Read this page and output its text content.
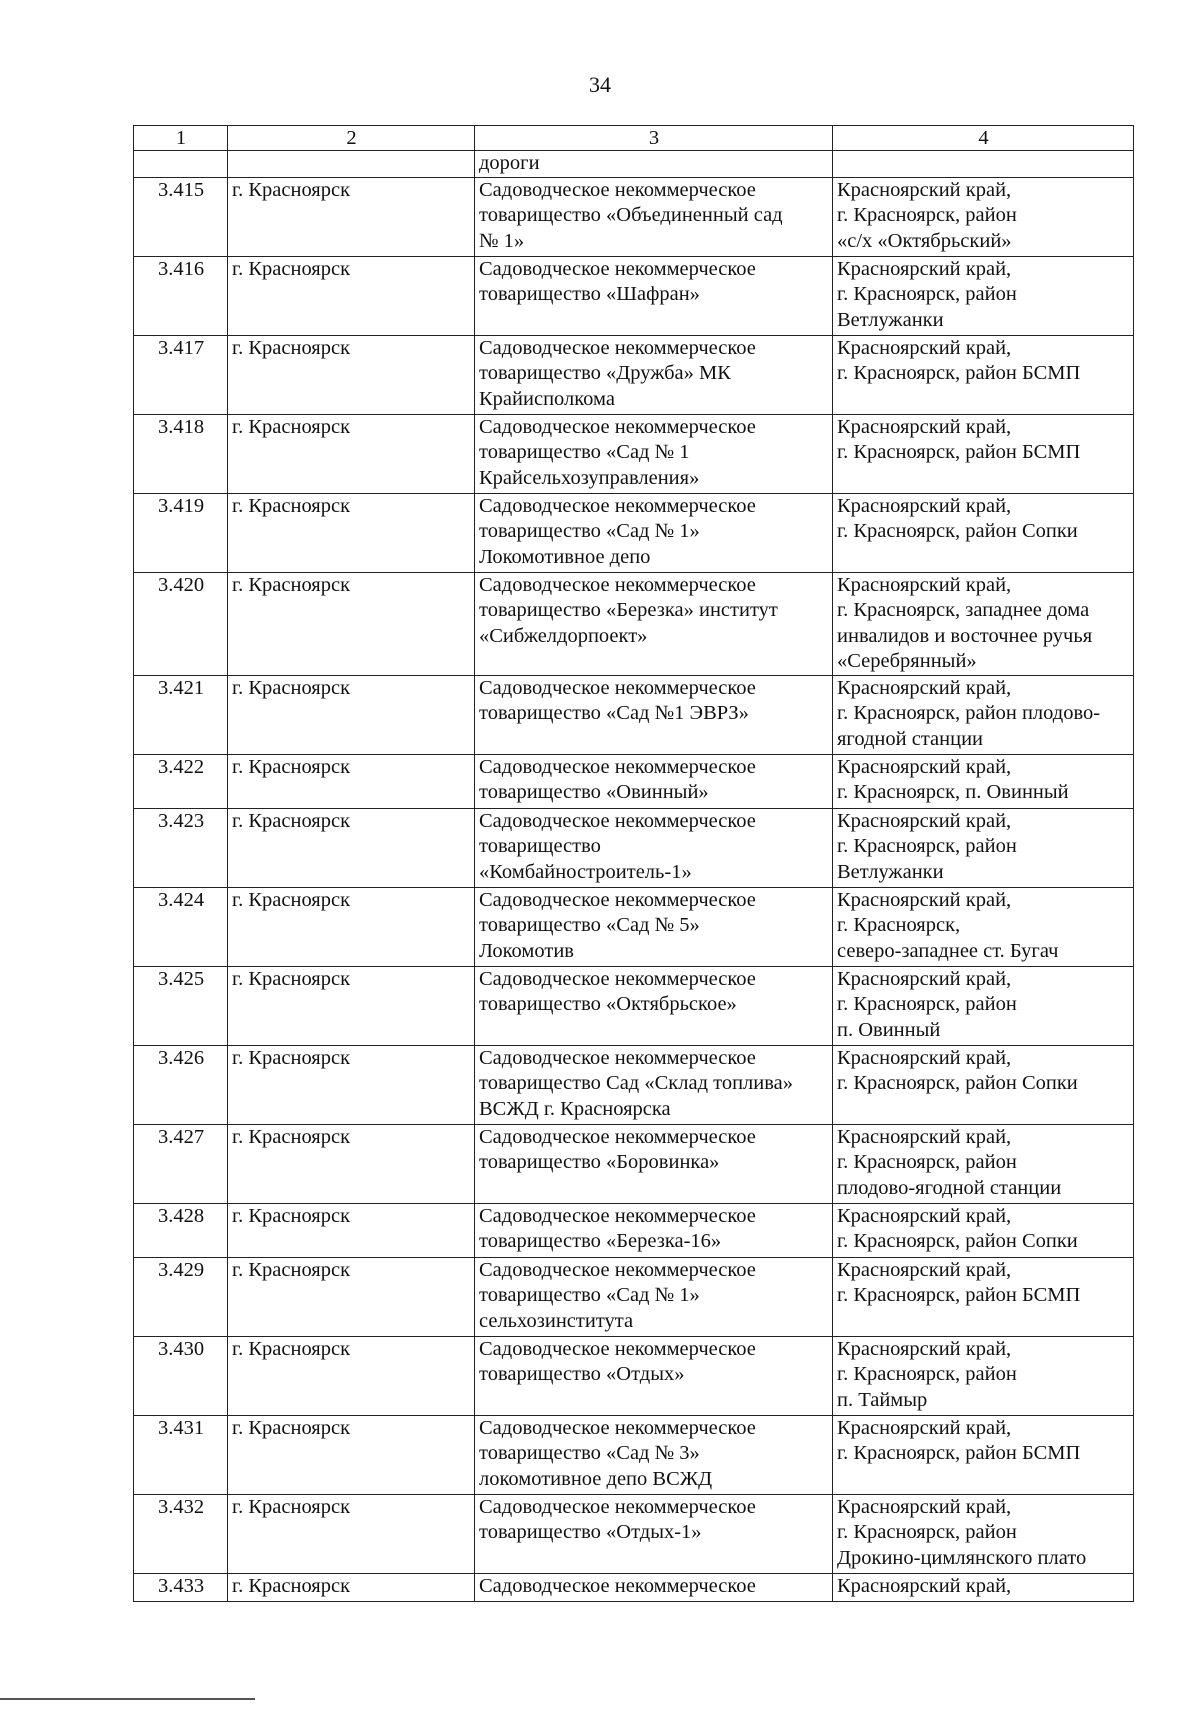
34
1	2	3	4
		дороги	
3.415	г. Красноярск	Садоводческое некоммерческое
товарищество «Объединенный сад
№ 1»	Красноярский край,
г. Красноярск, район
«с/х «Октябрьский»
3.416	г. Красноярск	Садоводческое некоммерческое
товарищество «Шафран»	Красноярский край,
г. Красноярск, район
Ветлужанки
3.417	г. Красноярск	Садоводческое некоммерческое
товарищество «Дружба» МК
Крайисполкома	Красноярский край,
г. Красноярск, район БСМП
3.418	г. Красноярск	Садоводческое некоммерческое
товарищество «Сад № 1
Крайсельхозуправления»	Красноярский край,
г. Красноярск, район БСМП
3.419	г. Красноярск	Садоводческое некоммерческое
товарищество «Сад № 1»
Локомотивное депо	Красноярский край,
г. Красноярск, район Сопки
3.420	г. Красноярск	Садоводческое некоммерческое
товарищество «Березка» институт
«Сибжелдорпоект»	Красноярский край,
г. Красноярск, западнее дома
инвалидов и восточнее ручья
«Серебрянный»
3.421	г. Красноярск	Садоводческое некоммерческое
товарищество «Сад №1 ЭВРЗ»	Красноярский край,
г. Красноярск, район плодово-
ягодной станции
3.422	г. Красноярск	Садоводческое некоммерческое
товарищество «Овинный»	Красноярский край,
г. Красноярск, п. Овинный
3.423	г. Красноярск	Садоводческое некоммерческое
товарищество
«Комбайностроитель-1»	Красноярский край,
г. Красноярск, район
Ветлужанки
3.424	г. Красноярск	Садоводческое некоммерческое
товарищество «Сад № 5»
Локомотив	Красноярский край,
г. Красноярск,
северо-западнее ст. Бугач
3.425	г. Красноярск	Садоводческое некоммерческое
товарищество «Октябрьское»	Красноярский край,
г. Красноярск, район
п. Овинный
3.426	г. Красноярск	Садоводческое некоммерческое
товарищество Сад «Склад топлива»
ВСЖД г. Красноярска	Красноярский край,
г. Красноярск, район Сопки
3.427	г. Красноярск	Садоводческое некоммерческое
товарищество «Боровинка»	Красноярский край,
г. Красноярск, район
плодово-ягодной станции
3.428	г. Красноярск	Садоводческое некоммерческое
товарищество «Березка-16»	Красноярский край,
г. Красноярск, район Сопки
3.429	г. Красноярск	Садоводческое некоммерческое
товарищество «Сад № 1»
сельхозинститута	Красноярский край,
г. Красноярск, район БСМП
3.430	г. Красноярск	Садоводческое некоммерческое
товарищество «Отдых»	Красноярский край,
г. Красноярск, район
п. Таймыр
3.431	г. Красноярск	Садоводческое некоммерческое
товарищество «Сад № 3»
локомотивное депо ВСЖД	Красноярский край,
г. Красноярск, район БСМП
3.432	г. Красноярск	Садоводческое некоммерческое
товарищество «Отдых-1»	Красноярский край,
г. Красноярск, район
Дрокино-цимлянского плато
3.433	г. Красноярск	Садоводческое некоммерческое	Красноярский край,
